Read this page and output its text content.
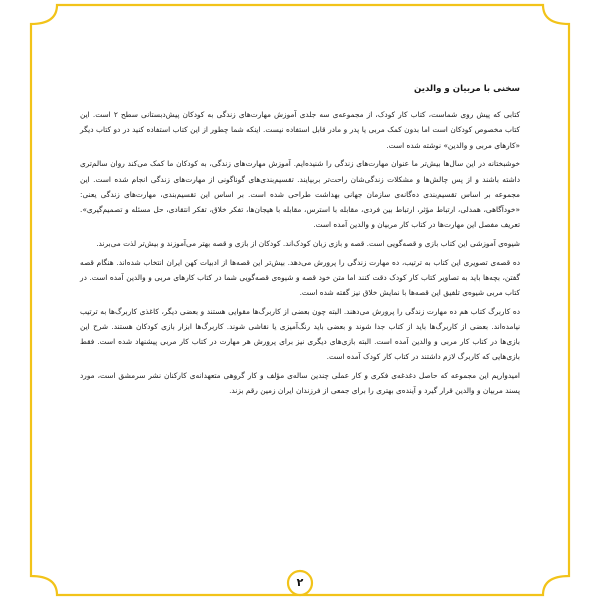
سخنی با مربیان و والدین

کتابی که پیش روی شماست، کتاب کار کودک، از مجموعه‌ی سه جلدی آموزش مهارت‌های زندگی به کودکان پیش‌دبستانی سطح ۲ است. این کتاب مخصوص کودکان است اما بدون کمک مربی یا پدر و مادر قابل استفاده نیست. اینکه شما چطور از این کتاب استفاده کنید در دو کتاب دیگر «کارهای مربی و والدین» نوشته شده است.

خوشبختانه در این سال‌ها بیش‌تر ما عنوان مهارت‌های زندگی را شنیده‌ایم. آموزش مهارت‌های زندگی، به کودکان ما کمک می‌کند روان سالم‌تری داشته باشند و از پس چالش‌ها و مشکلات زندگی‌شان راحت‌تر بربیایند. تقسیم‌بندی‌های گوناگونی از مهارت‌های زندگی انجام شده است. این مجموعه بر اساس تقسیم‌بندی ده‌گانه‌ی سازمان جهانی بهداشت طراحی شده است. بر اساس این تقسیم‌بندی، مهارت‌های زندگی یعنی: «خودآگاهی، همدلی، ارتباط مؤثر، ارتباط بین فردی، مقابله با استرس، مقابله با هیجان‌ها، تفکر خلاق، تفکر انتقادی، حل مسئله و تصمیم‌گیری». تعریف مفصل این مهارت‌ها در کتاب کار مربیان و والدین آمده است.

شیوه‌ی آموزشی این کتاب بازی و قصه‌گویی است. قصه و بازی زبان کودک‌اند. کودکان از بازی و قصه بهتر می‌آموزند و بیش‌تر لذت می‌برند.

ده قصه‌ی تصویری این کتاب به ترتیب، ده مهارت زندگی را پرورش می‌دهد. بیش‌تر این قصه‌ها از ادبیات کهن ایران انتخاب شده‌اند. هنگام قصه گفتن، بچه‌ها باید به تصاویر کتاب کار کودک دقت کنند اما متن خود قصه و شیوه‌ی قصه‌گویی شما در کتاب کارهای مربی و والدین آمده است. در کتاب مربی شیوه‌ی تلفیق این قصه‌ها با نمایش خلاق نیز گفته شده است.

ده کاربرگ کتاب هم ده مهارت زندگی را پرورش می‌دهند. البته چون بعضی از کاربرگ‌ها مقوایی هستند و بعضی دیگر، کاغذی کاربرگ‌ها به ترتیب نیامده‌اند. بعضی از کاربرگ‌ها باید از کتاب جدا شوند و بعضی باید رنگ‌آمیزی یا نقاشی شوند. کاربرگ‌ها ابزار بازی کودکان هستند. شرح این بازی‌ها در کتاب کار مربی و والدین آمده است. البته بازی‌های دیگری نیز برای پرورش هر مهارت در کتاب کار مربی پیشنهاد شده است. فقط بازی‌هایی که کاربرگ لازم داشتند در کتاب کار کودک آمده است.

امیدواریم این مجموعه که حاصل دغدغه‌ی فکری و کار عملی چندین ساله‌ی مؤلف و کار گروهی متعهدانه‌ی کارکنان نشر سرمشق است، مورد پسند مربیان و والدین قرار گیرد و آینده‌ی بهتری را برای جمعی از فرزندان ایران زمین رقم بزند.

۲
